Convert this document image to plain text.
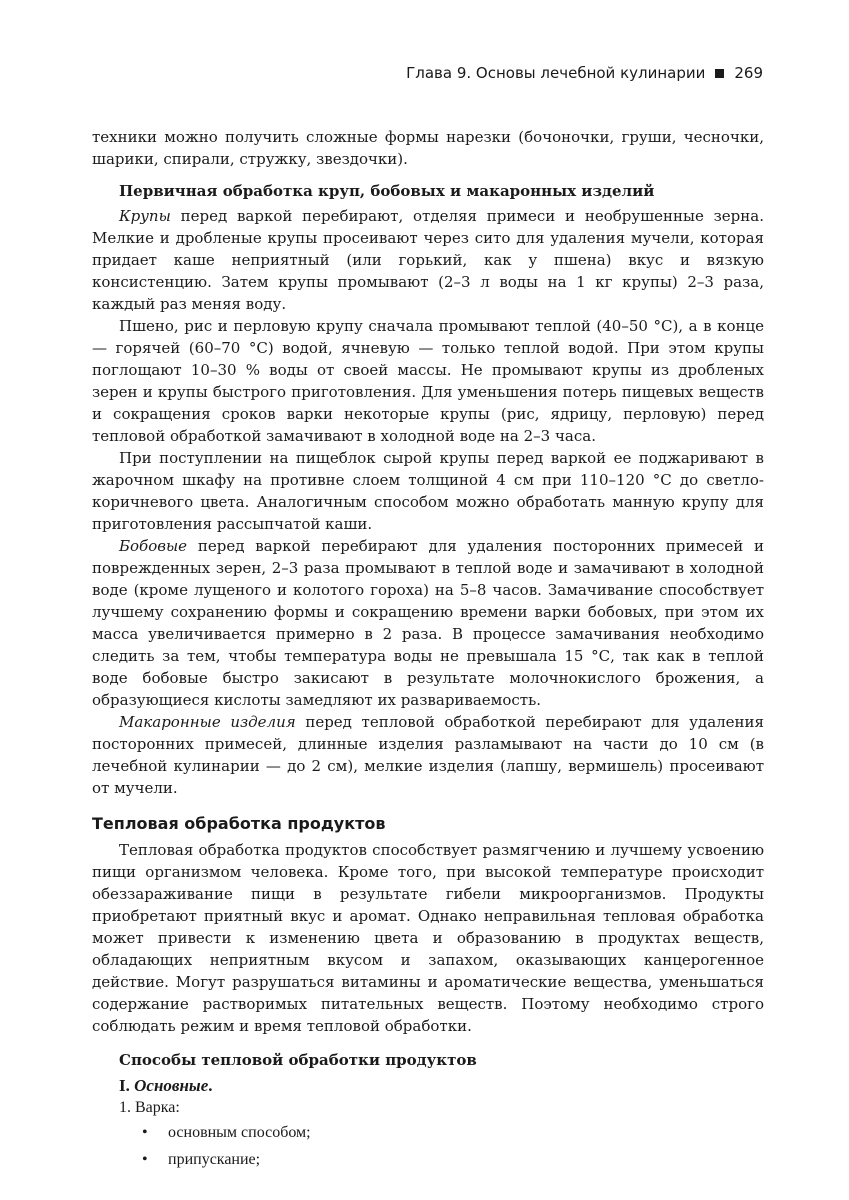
Глава 9. Основы лечебной кулинарии 269

техники можно получить сложные формы нарезки (бочоночки, груши, чесночки, шарики, спирали, стружку, звездочки).

Первичная обработка круп, бобовых и макаронных изделий

Крупы перед варкой перебирают, отделяя примеси и необрушенные зерна. Мелкие и дробленые крупы просеивают через сито для удаления мучели, которая придает каше неприятный (или горький, как у пшена) вкус и вязкую консистенцию. Затем крупы промывают (2–3 л воды на 1 кг крупы) 2–3 раза, каждый раз меняя воду.

Пшено, рис и перловую крупу сначала промывают теплой (40–50 °С), а в конце — горячей (60–70 °С) водой, ячневую — только теплой водой. При этом крупы поглощают 10–30 % воды от своей массы. Не промывают крупы из дробленых зерен и крупы быстрого приготовления. Для уменьшения потерь пищевых веществ и сокращения сроков варки некоторые крупы (рис, ядрицу, перловую) перед тепловой обработкой замачивают в холодной воде на 2–3 часа.

При поступлении на пищеблок сырой крупы перед варкой ее поджаривают в жарочном шкафу на противне слоем толщиной 4 см при 110–120 °С до светло-коричневого цвета. Аналогичным способом можно обработать манную крупу для приготовления рассыпчатой каши.

Бобовые перед варкой перебирают для удаления посторонних примесей и поврежденных зерен, 2–3 раза промывают в теплой воде и замачивают в холодной воде (кроме лущеного и колотого гороха) на 5–8 часов. Замачивание способствует лучшему сохранению формы и сокращению времени варки бобовых, при этом их масса увеличивается примерно в 2 раза. В процессе замачивания необходимо следить за тем, чтобы температура воды не превышала 15 °С, так как в теплой воде бобовые быстро закисают в результате молочнокислого брожения, а образующиеся кислоты замедляют их развариваемость.

Макаронные изделия перед тепловой обработкой перебирают для удаления посторонних примесей, длинные изделия разламывают на части до 10 см (в лечебной кулинарии — до 2 см), мелкие изделия (лапшу, вермишель) просеивают от мучели.

Тепловая обработка продуктов

Тепловая обработка продуктов способствует размягчению и лучшему усвоению пищи организмом человека. Кроме того, при высокой температуре происходит обеззараживание пищи в результате гибели микроорганизмов. Продукты приобретают приятный вкус и аромат. Однако неправильная тепловая обработка может привести к изменению цвета и образованию в продуктах веществ, обладающих неприятным вкусом и запахом, оказывающих канцерогенное действие. Могут разрушаться витамины и ароматические вещества, уменьшаться содержание растворимых питательных веществ. Поэтому необходимо строго соблюдать режим и время тепловой обработки.

Способы тепловой обработки продуктов
I. Основные.
1. Варка:
• основным способом;
• припускание;
